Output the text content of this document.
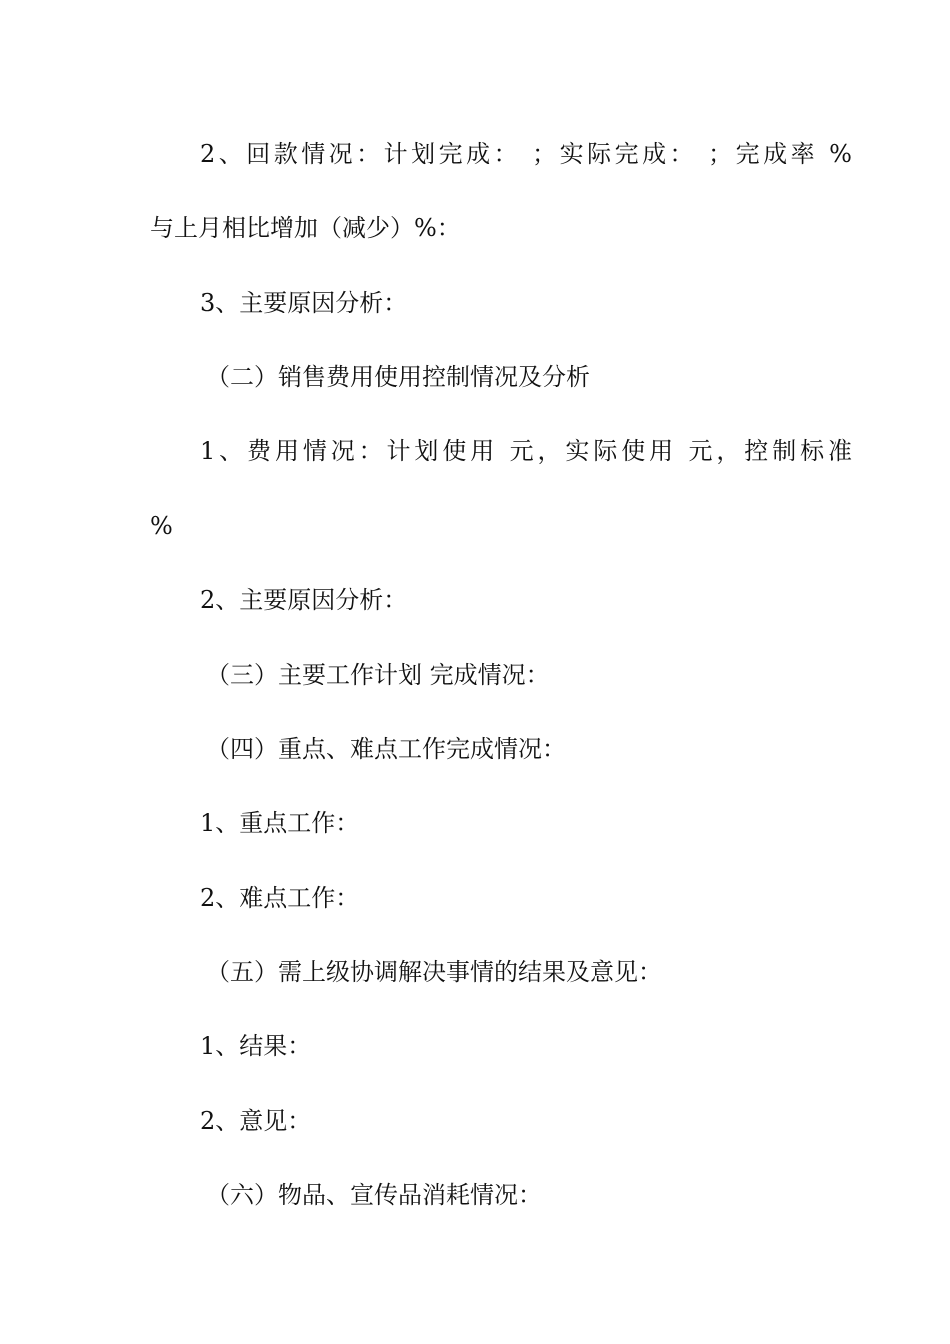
2、回款情况：计划完成： ；实际完成： ；完成率 %

与上月相比增加（减少）%：

3、主要原因分析：

（二）销售费用使用控制情况及分析

1、费用情况：计划使用 元，实际使用 元，控制标准

%

2、主要原因分析：

（三）主要工作计划 完成情况：

（四）重点、难点工作完成情况：

1、重点工作：

2、难点工作：

（五）需上级协调解决事情的结果及意见：

1、结果：

2、意见：

（六）物品、宣传品消耗情况：
